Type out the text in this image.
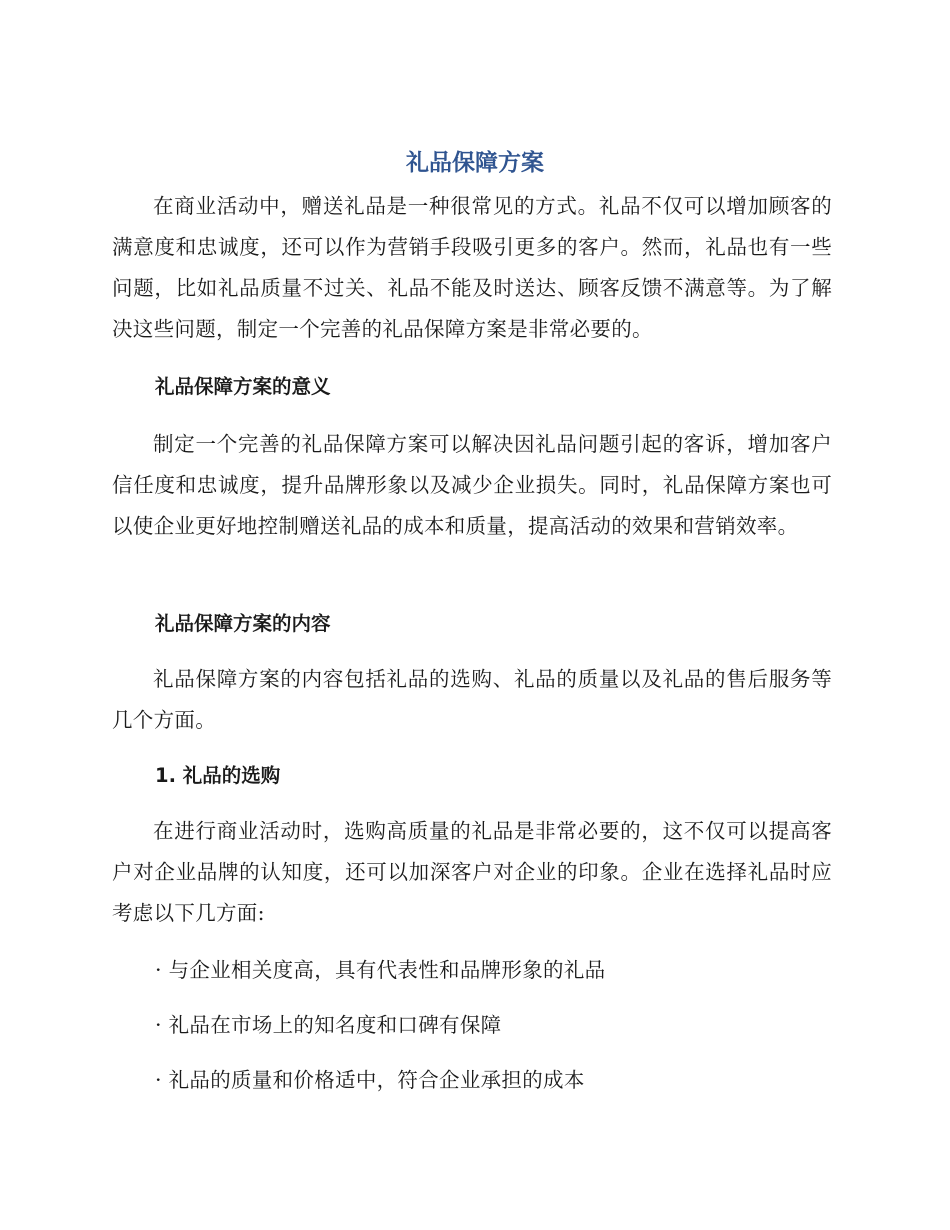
礼品保障方案

在商业活动中，赠送礼品是一种很常见的方式。礼品不仅可以增加顾客的满意度和忠诚度，还可以作为营销手段吸引更多的客户。然而，礼品也有一些问题，比如礼品质量不过关、礼品不能及时送达、顾客反馈不满意等。为了解决这些问题，制定一个完善的礼品保障方案是非常必要的。

礼品保障方案的意义

制定一个完善的礼品保障方案可以解决因礼品问题引起的客诉，增加客户信任度和忠诚度，提升品牌形象以及减少企业损失。同时，礼品保障方案也可以使企业更好地控制赠送礼品的成本和质量，提高活动的效果和营销效率。

礼品保障方案的内容

礼品保障方案的内容包括礼品的选购、礼品的质量以及礼品的售后服务等几个方面。

1. 礼品的选购

在进行商业活动时，选购高质量的礼品是非常必要的，这不仅可以提高客户对企业品牌的认知度，还可以加深客户对企业的印象。企业在选择礼品时应考虑以下几方面:

· 与企业相关度高，具有代表性和品牌形象的礼品

· 礼品在市场上的知名度和口碑有保障

· 礼品的质量和价格适中，符合企业承担的成本
